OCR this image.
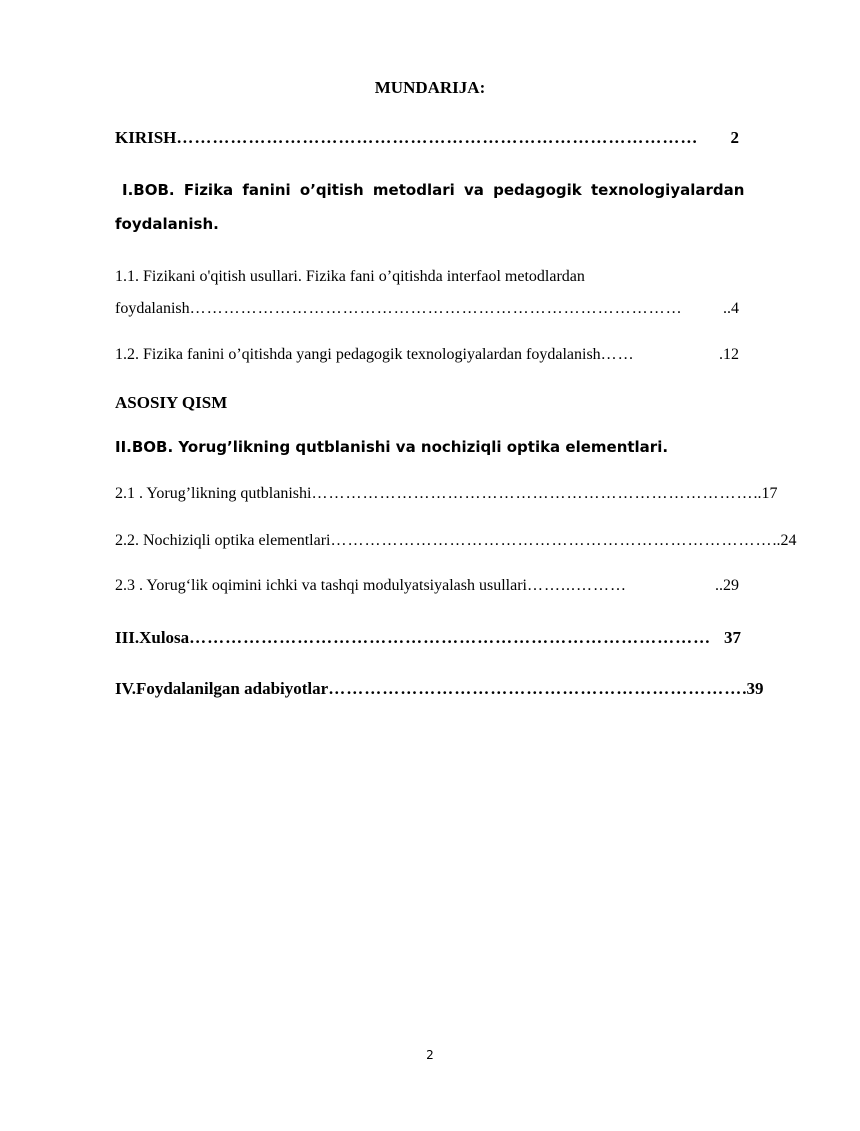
MUNDARIJA:
KIRISH ……………………………………………………………………………	2
I.BOB. Fizika fanini o’qitish metodlari va pedagogik texnologiyalardan
foydalanish.
1.1. Fizikani o'qitish usullari. Fizika fani o’qitishda interfaol metodlardan
foydalanish ……………………………………………………………………………	..4
1.2. Fizika fanini o’qitishda yangi pedagogik texnologiyalardan foydalanish ……	.12
ASOSIY QISM
II.BOB. Yorug’likning qutblanishi va nochiziqli optika elementlari.
2.1 . Yorug’likning qutblanishi …………………………………………………………………… ..17
2.2. Nochiziqli optika elementlari …………………………………………………………………… ..24
2.3 . Yorug‘lik oqimini ichki va tashqi modulyatsiyalash usullari ……...………	..29
III.Xulosa …………………………………………………………………………… 37
IV.Foydalanilgan adabiyotlar …………………………………………………………… .39
2
